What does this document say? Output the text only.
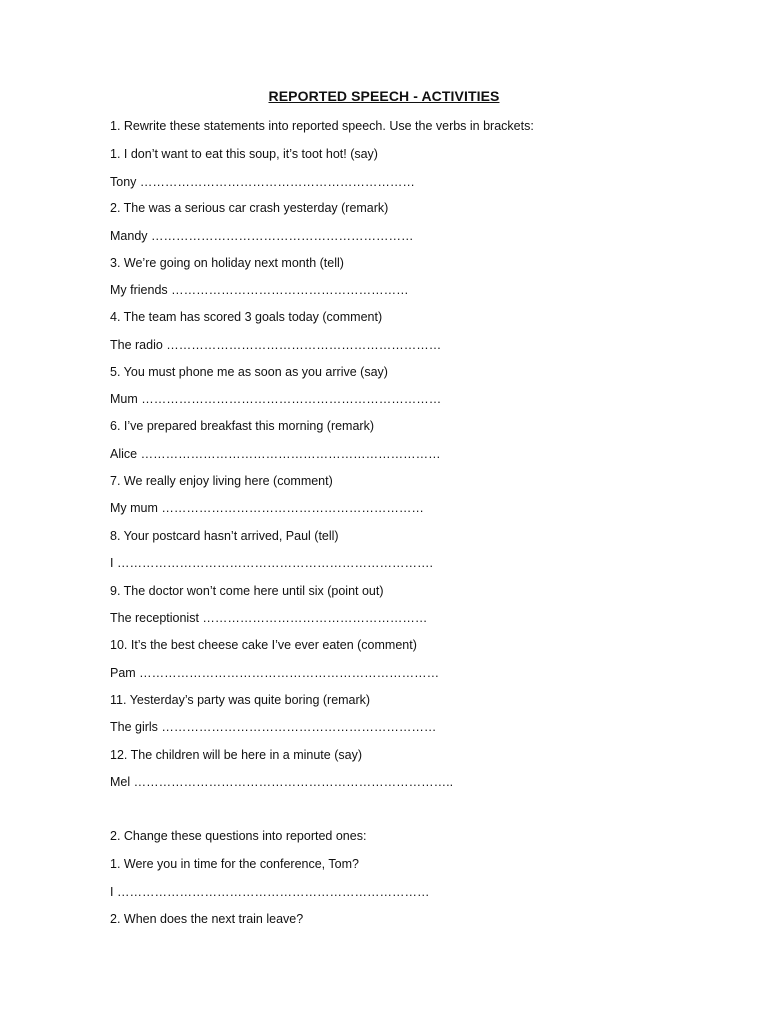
REPORTED SPEECH - ACTIVITIES
1. Rewrite these statements into reported speech. Use the verbs in brackets:
1. I don’t want to eat this soup, it’s toot hot! (say)
Tony …………………………………………………………
2. The was a serious car crash yesterday (remark)
Mandy ………………………………………………………
3. We’re going on holiday next month (tell)
My friends …………………………………………………
4. The team has scored 3 goals today (comment)
The radio …………………………………………………………
5. You must phone me as soon as you arrive (say)
Mum ………………………………………………………………
6. I’ve prepared breakfast this morning (remark)
Alice ………………………………………………………………
7. We really enjoy living here (comment)
My mum ………………………………………………………
8. Your postcard hasn’t arrived, Paul (tell)
I ………………………………………………………………….
9. The doctor won’t come here until six (point out)
The receptionist ………………………………………………
10. It’s the best cheese cake I’ve ever eaten (comment)
Pam ………………………………………………………………
11. Yesterday’s party was quite boring (remark)
The girls …………………………………………………………
12. The children will be here in a minute (say)
Mel …………………………………………………………………..
2. Change these questions into reported ones:
1. Were you in time for the conference, Tom?
I …………………………………………………………………
2. When does the next train leave?
